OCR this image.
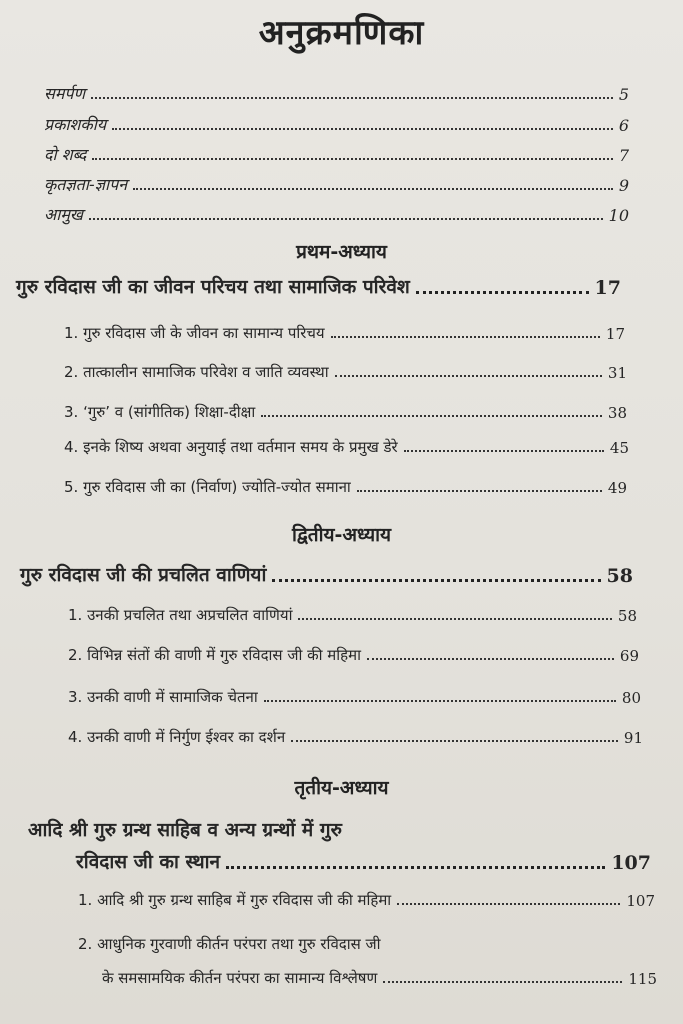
अनुक्रमणिका
समर्पण	5
प्रकाशकीय	6
दो शब्द	7
कृतज्ञता-ज्ञापन	9
आमुख	10
प्रथम-अध्याय
गुरु रविदास जी का जीवन परिचय तथा सामाजिक परिवेश	17
1. गुरु रविदास जी के जीवन का सामान्य परिचय	17
2. तात्कालीन सामाजिक परिवेश व जाति व्यवस्था	31
3. ‘गुरु’ व (सांगीतिक) शिक्षा-दीक्षा	38
4. इनके शिष्य अथवा अनुयाई तथा वर्तमान समय के प्रमुख डेरे	45
5. गुरु रविदास जी का (निर्वाण) ज्योति-ज्योत समाना	49
द्वितीय-अध्याय
गुरु रविदास जी की प्रचलित वाणियां	58
1. उनकी प्रचलित तथा अप्रचलित वाणियां	58
2. विभिन्न संतों की वाणी में गुरु रविदास जी की महिमा	69
3. उनकी वाणी में सामाजिक चेतना	80
4. उनकी वाणी में निर्गुण ईश्वर का दर्शन	91
तृतीय-अध्याय
आदि श्री गुरु ग्रन्थ साहिब व अन्य ग्रन्थों में गुरु
रविदास जी का स्थान	107
1. आदि श्री गुरु ग्रन्थ साहिब में गुरु रविदास जी की महिमा	107
2. आधुनिक गुरवाणी कीर्तन परंपरा तथा गुरु रविदास जी
के समसामयिक कीर्तन परंपरा का सामान्य विश्लेषण	115
